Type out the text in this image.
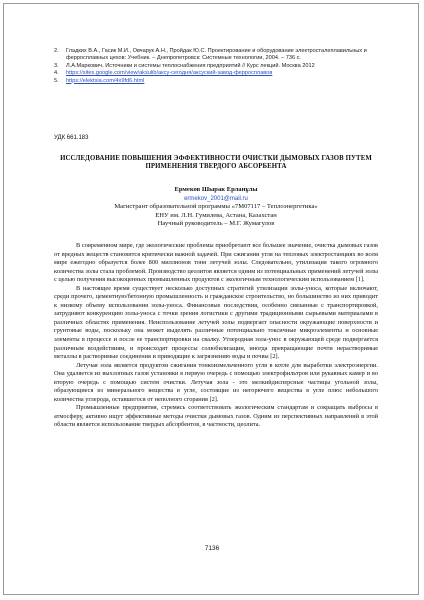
2. Гладких В.А., Гасик М.И., Овчарук А.Н., Пройдак Ю.С. Проектирование и оборудование электросталеплавильных и ферросплавных цехов: Учебник. – Днепропетровск: Системные технологии, 2004. – 736 с.
3. Л.А.Маркович. Источники и системы теплоснабжения предприятий // Курс лекций. Москва 2012
4. https://sites.google.com/view/aksulib/аксу-сегодня/аксуский-завод-ферросплавов
5. https://elektsia.com/4x9fd6.html
УДК 661.183
ИССЛЕДОВАНИЕ ПОВЫШЕНИЯ ЭФФЕКТИВНОСТИ ОЧИСТКИ ДЫМОВЫХ ГАЗОВ ПУТЕМ ПРИМЕНЕНИЯ ТВЕРДОГО АБСОРБЕНТА
Ермеков Шырак Ерланұлы
ermekov_2001@mail.ru
Магистрант образовательной программы «7М07117 – Теплоэнергетика»
ЕНУ им. Л.Н. Гумилева, Астана, Казахстан
Научный руководитель – М.Г. Жумагулов

В современном мире, где экологические проблемы приобретают все большее значение, очистка дымовых газов от вредных веществ становится критически важной задачей. При сжигании угля на тепловых электростанциях во всем мире ежегодно образуется более 800 миллионов тонн летучей золы. Следовательно, утилизация такого огромного количества золы стала проблемой. Производство цеолитов является одним из потенциальных применений летучей золы с целью получения высокоценных промышленных продуктов с экологичным технологическим использованием [1].

В настоящее время существует несколько доступных стратегий утилизации золы-уноса, которые включают, среди прочего, цементную/бетонную промышленность и гражданское строительство, но большинство из них приводит к низкому объему использования золы-уноса. Финансовые последствия, особенно связанные с транспортировкой, затрудняют конкуренцию золы-уноса с точки зрения логистики с другими традиционными сырьевыми материалами в различных областях применения. Неиспользование летучей золы подвергает опасности окружающие поверхности и грунтовые воды, поскольку она может выделять различные потенциально токсичные микроэлементы и основные элементы в процессе и после ее транспортировки на свалку. Углеродная зола-унос в окружающей среде подвергается различным воздействиям, и происходят процессы солюбилизации, иногда превращающие почти нерастворимые металлы в растворимые соединения и приводящие к загрязнению воды и почвы [2].

Летучая зола является продуктом сжигания тонкоизмельченного угля в котле для выработки электроэнергии. Она удаляется из выхлопных газов установки в первую очередь с помощью электрофильтров или рукавных камер и во вторую очередь с помощью систем очистки. Летучая зола - это мелкийдисперсные частицы угольной золы, образующиеся из минерального вещества в угле, состоящие из негорючего вещества в угле плюс небольшого количества углерода, оставшегося от неполного сгорания [2].

Промышленные предприятия, стремясь соответствовать экологическим стандартам и сокращать выбросы в атмосферу, активно ищут эффективные методы очистки дымовых газов. Одним из перспективных направлений в этой области является использование твердых абсорбентов, в частности, цеолита.

7136
